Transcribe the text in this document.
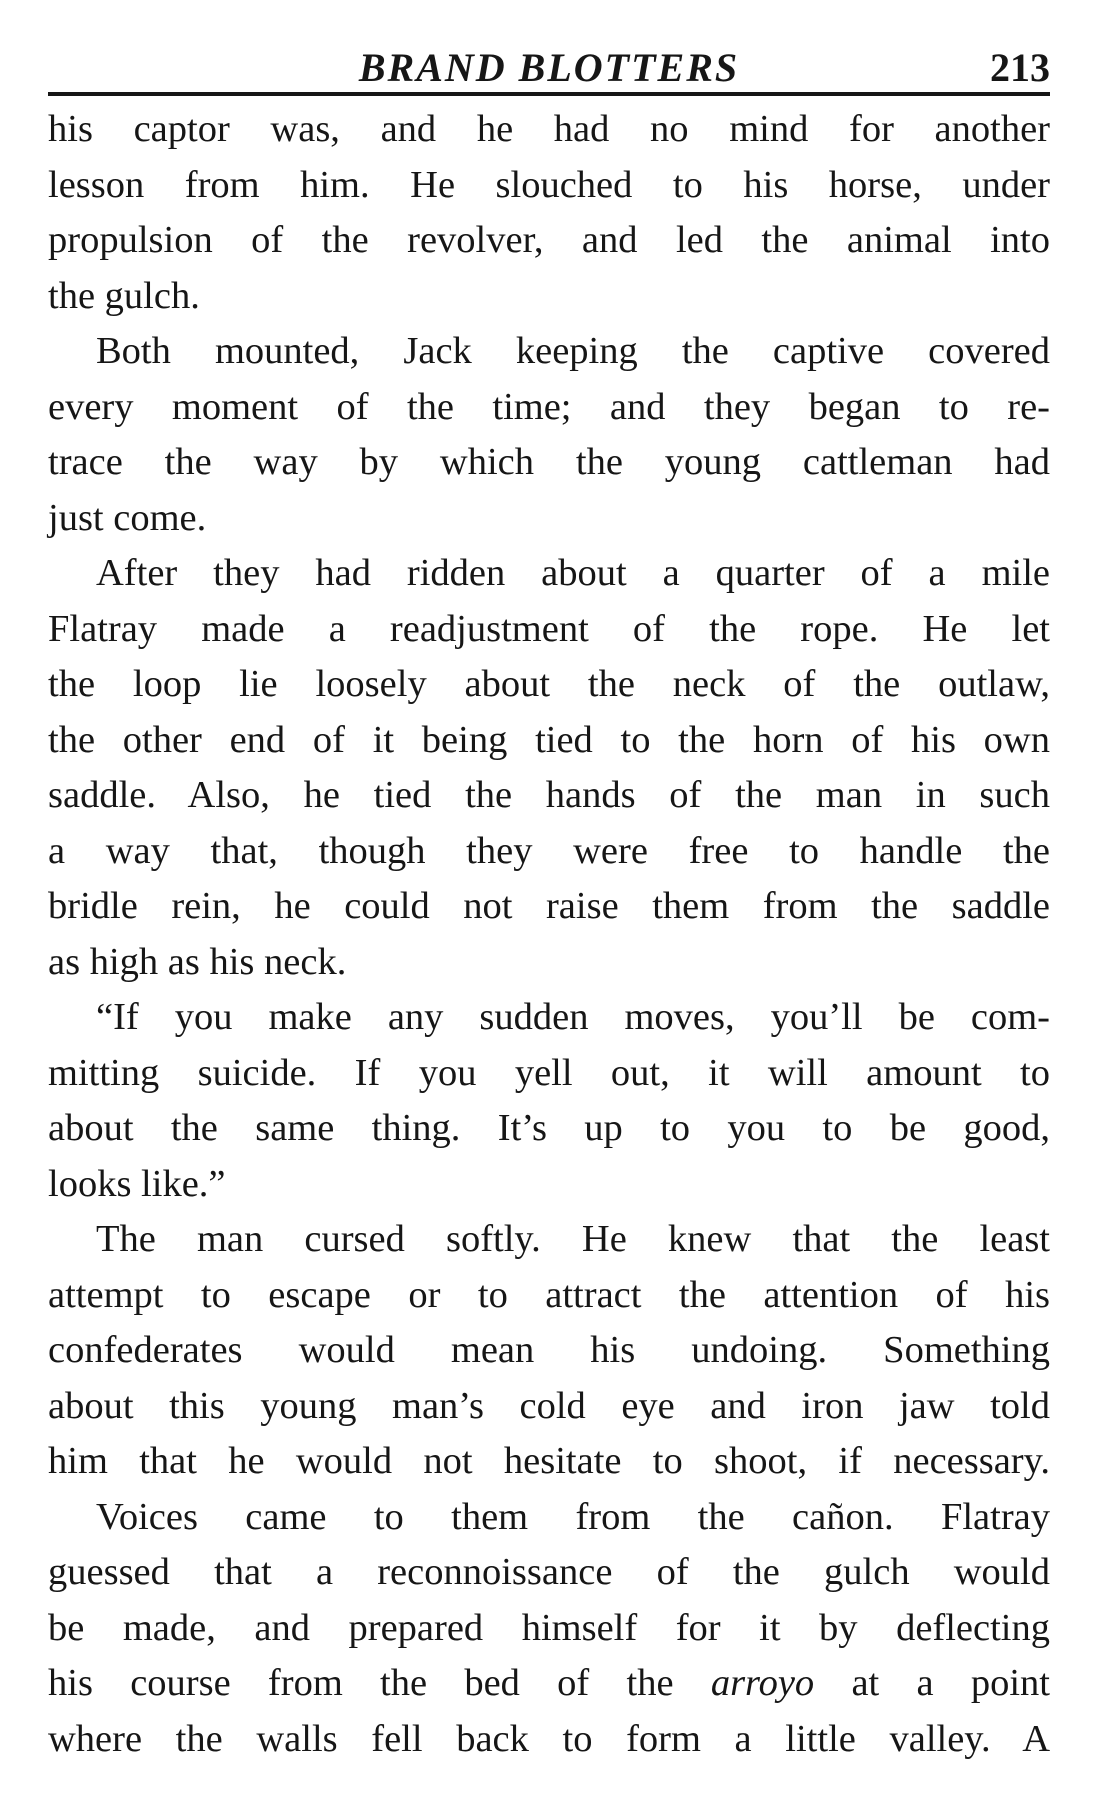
BRAND BLOTTERS	213

his captor was, and he had no mind for another
lesson from him. He slouched to his horse, under
propulsion of the revolver, and led the animal into
the gulch.

Both mounted, Jack keeping the captive covered
every moment of the time; and they began to re-
trace the way by which the young cattleman had
just come.

After they had ridden about a quarter of a mile
Flatray made a readjustment of the rope. He let
the loop lie loosely about the neck of the outlaw,
the other end of it being tied to the horn of his own
saddle. Also, he tied the hands of the man in such
a way that, though they were free to handle the
bridle rein, he could not raise them from the saddle
as high as his neck.

“If you make any sudden moves, you’ll be com-
mitting suicide. If you yell out, it will amount to
about the same thing. It’s up to you to be good,
looks like.”

The man cursed softly. He knew that the least
attempt to escape or to attract the attention of his
confederates would mean his undoing. Something
about this young man’s cold eye and iron jaw told
him that he would not hesitate to shoot, if necessary.

Voices came to them from the cañon. Flatray
guessed that a reconnoissance of the gulch would
be made, and prepared himself for it by deflecting
his course from the bed of the arroyo at a point
where the walls fell back to form a little valley. A
